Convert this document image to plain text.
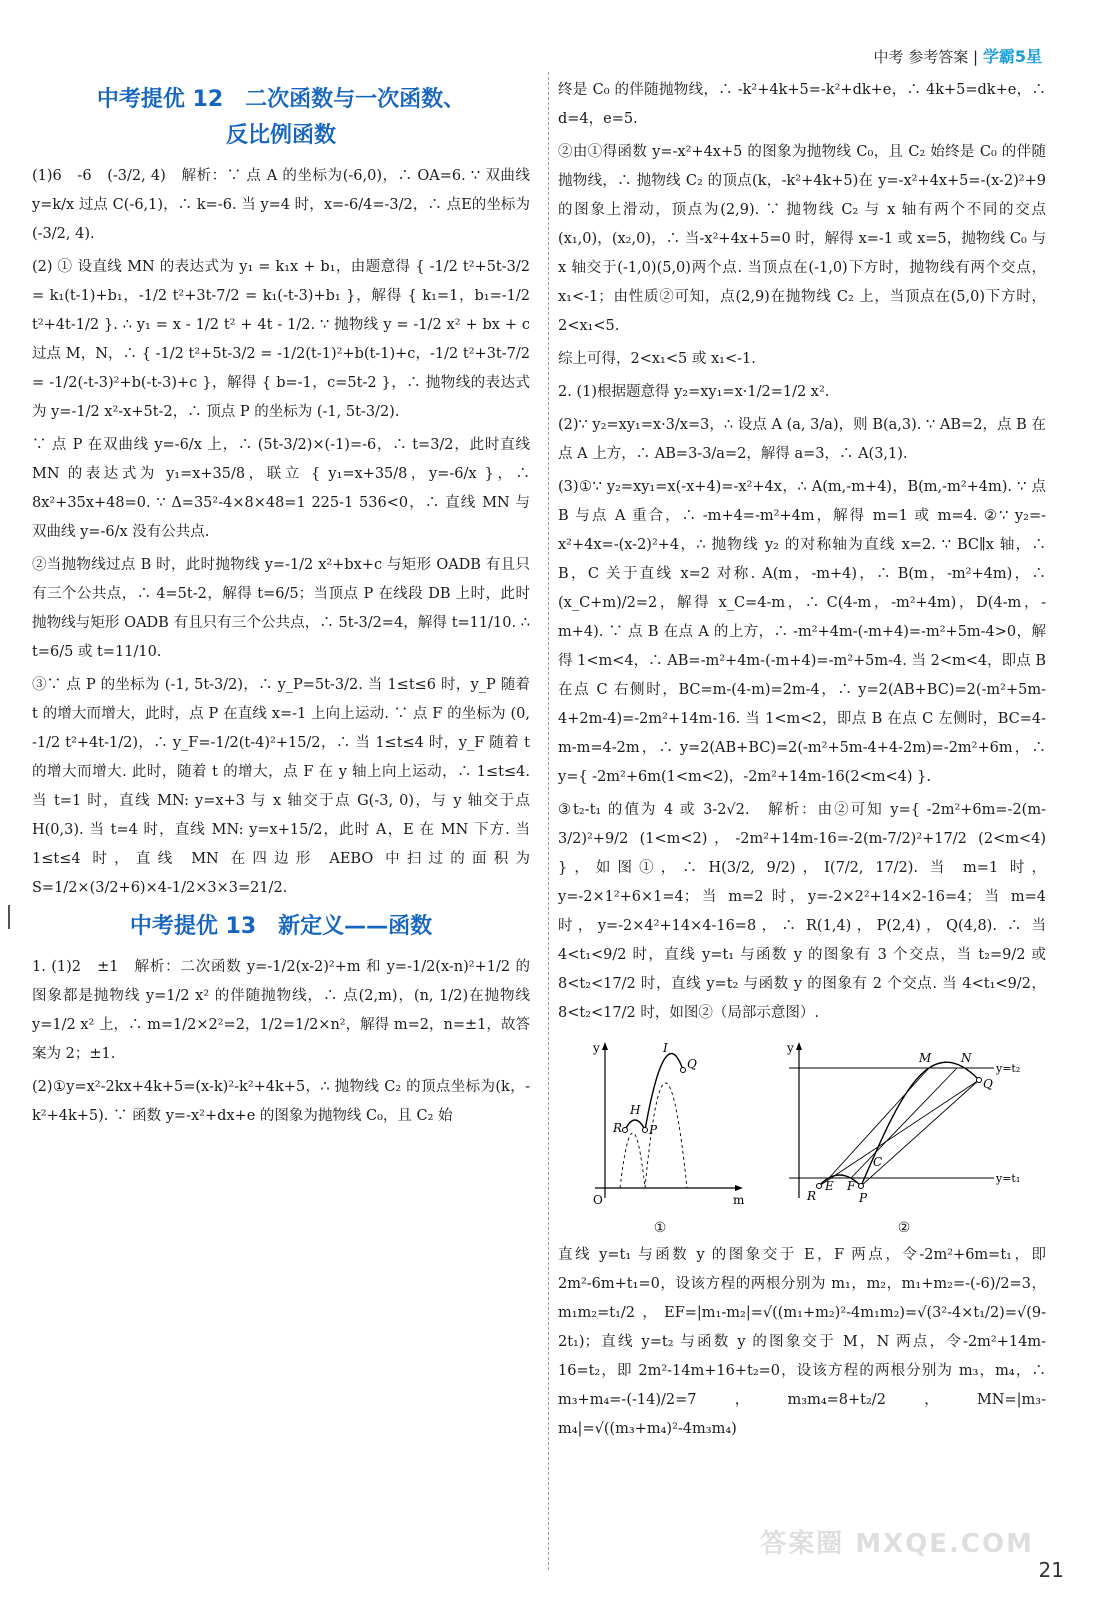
中考 参考答案 | 学霸5星
中考提优 12　二次函数与一次函数、
反比例函数

(1)6　-6　(-3/2, 4)　解析：∵ 点 A 的坐标为(-6,0)，∴ OA=6. ∵ 双曲线 y=k/x 过点 C(-6,1)，∴ k=-6. 当 y=4 时，x=-6/4=-3/2，∴ 点E的坐标为(-3/2, 4).

(2) ① 设直线 MN 的表达式为 y₁ = k₁x + b₁，由题意得 { -1/2 t²+5t-3/2 = k₁(t-1)+b₁，-1/2 t²+3t-7/2 = k₁(-t-3)+b₁ }，解得 { k₁=1，b₁=-1/2 t²+4t-1/2 }. ∴ y₁ = x - 1/2 t² + 4t - 1/2. ∵ 抛物线 y = -1/2 x² + bx + c 过点 M，N，∴ { -1/2 t²+5t-3/2 = -1/2(t-1)²+b(t-1)+c，-1/2 t²+3t-7/2 = -1/2(-t-3)²+b(-t-3)+c }，解得 { b=-1，c=5t-2 }，∴ 抛物线的表达式为 y=-1/2 x²-x+5t-2，∴ 顶点 P 的坐标为 (-1, 5t-3/2).

∵ 点 P 在双曲线 y=-6/x 上，∴ (5t-3/2)×(-1)=-6，∴ t=3/2，此时直线 MN 的表达式为 y₁=x+35/8，联立 { y₁=x+35/8，y=-6/x }，∴ 8x²+35x+48=0. ∵ Δ=35²-4×8×48=1 225-1 536<0，∴ 直线 MN 与双曲线 y=-6/x 没有公共点.

②当抛物线过点 B 时，此时抛物线 y=-1/2 x²+bx+c 与矩形 OADB 有且只有三个公共点，∴ 4=5t-2，解得 t=6/5；当顶点 P 在线段 DB 上时，此时抛物线与矩形 OADB 有且只有三个公共点，∴ 5t-3/2=4，解得 t=11/10. ∴ t=6/5 或 t=11/10.

③∵ 点 P 的坐标为 (-1, 5t-3/2)，∴ y_P=5t-3/2. 当 1≤t≤6 时，y_P 随着 t 的增大而增大，此时，点 P 在直线 x=-1 上向上运动. ∵ 点 F 的坐标为 (0, -1/2 t²+4t-1/2)，∴ y_F=-1/2(t-4)²+15/2，∴ 当 1≤t≤4 时，y_F 随着 t 的增大而增大. 此时，随着 t 的增大，点 F 在 y 轴上向上运动，∴ 1≤t≤4. 当 t=1 时，直线 MN: y=x+3 与 x 轴交于点 G(-3, 0)，与 y 轴交于点 H(0,3). 当 t=4 时，直线 MN: y=x+15/2，此时 A，E 在 MN 下方. 当 1≤t≤4 时，直线 MN 在四边形 AEBO 中扫过的面积为 S=1/2×(3/2+6)×4-1/2×3×3=21/2.

中考提优 13　新定义——函数

1. (1)2　±1　解析：二次函数 y=-1/2(x-2)²+m 和 y=-1/2(x-n)²+1/2 的图象都是抛物线 y=1/2 x² 的伴随抛物线，∴ 点(2,m)，(n, 1/2)在抛物线 y=1/2 x² 上，∴ m=1/2×2²=2，1/2=1/2×n²，解得 m=2，n=±1，故答案为 2；±1.

(2)①y=x²-2kx+4k+5=(x-k)²-k²+4k+5，∴ 抛物线 C₂ 的顶点坐标为(k，-k²+4k+5). ∵ 函数 y=-x²+dx+e 的图象为抛物线 C₀，且 C₂ 始

终是 C₀ 的伴随抛物线，∴ -k²+4k+5=-k²+dk+e，∴ 4k+5=dk+e，∴ d=4，e=5.

②由①得函数 y=-x²+4x+5 的图象为抛物线 C₀，且 C₂ 始终是 C₀ 的伴随抛物线，∴ 抛物线 C₂ 的顶点(k，-k²+4k+5)在 y=-x²+4x+5=-(x-2)²+9 的图象上滑动，顶点为(2,9). ∵ 抛物线 C₂ 与 x 轴有两个不同的交点(x₁,0)，(x₂,0)，∴ 当-x²+4x+5=0 时，解得 x=-1 或 x=5，抛物线 C₀ 与 x 轴交于(-1,0)(5,0)两个点. 当顶点在(-1,0)下方时，抛物线有两个交点，x₁<-1；由性质②可知，点(2,9)在抛物线 C₂ 上，当顶点在(5,0)下方时，2<x₁<5.

综上可得，2<x₁<5 或 x₁<-1.

2. (1)根据题意得 y₂=xy₁=x·1/2=1/2 x².

(2)∵ y₂=xy₁=x·3/x=3，∴ 设点 A (a, 3/a)，则 B(a,3). ∵ AB=2，点 B 在点 A 上方，∴ AB=3-3/a=2，解得 a=3，∴ A(3,1).

(3)①∵ y₂=xy₁=x(-x+4)=-x²+4x，∴ A(m,-m+4)，B(m,-m²+4m). ∵ 点 B 与点 A 重合，∴ -m+4=-m²+4m，解得 m=1 或 m=4. ②∵ y₂=-x²+4x=-(x-2)²+4，∴ 抛物线 y₂ 的对称轴为直线 x=2. ∵ BC∥x 轴，∴ B，C 关于直线 x=2 对称. A(m，-m+4)，∴ B(m，-m²+4m)，∴ (x_C+m)/2=2，解得 x_C=4-m，∴ C(4-m，-m²+4m)，D(4-m，-m+4). ∵ 点 B 在点 A 的上方，∴ -m²+4m-(-m+4)=-m²+5m-4>0，解得 1<m<4，∴ AB=-m²+4m-(-m+4)=-m²+5m-4. 当 2<m<4，即点 B 在点 C 右侧时，BC=m-(4-m)=2m-4，∴ y=2(AB+BC)=2(-m²+5m-4+2m-4)=-2m²+14m-16. 当 1<m<2，即点 B 在点 C 左侧时，BC=4-m-m=4-2m，∴ y=2(AB+BC)=2(-m²+5m-4+4-2m)=-2m²+6m，∴ y={ -2m²+6m(1<m<2)，-2m²+14m-16(2<m<4) }.

③t₂-t₁ 的值为 4 或 3-2√2.　解析：由②可知 y={ -2m²+6m=-2(m-3/2)²+9/2 (1<m<2)，-2m²+14m-16=-2(m-7/2)²+17/2 (2<m<4) }，如图①，∴ H(3/2, 9/2)，I(7/2, 17/2). 当 m=1 时，y=-2×1²+6×1=4；当 m=2 时，y=-2×2²+14×2-16=4；当 m=4 时，y=-2×4²+14×4-16=8，∴ R(1,4)，P(2,4)，Q(4,8). ∴ 当 4<t₁<9/2 时，直线 y=t₁ 与函数 y 的图象有 3 个交点，当 t₂=9/2 或 8<t₂<17/2 时，直线 y=t₂ 与函数 y 的图象有 2 个交点. 当 4<t₁<9/2，8<t₂<17/2 时，如图②（局部示意图）.

y
m
O
I
Q
H
R P
①
y
y=t₂
y=t₁
M N
Q
C
E F
R	P
②

直线 y=t₁ 与函数 y 的图象交于 E，F 两点，令-2m²+6m=t₁，即 2m²-6m+t₁=0，设该方程的两根分别为 m₁，m₂，m₁+m₂=-(-6)/2=3，m₁m₂=t₁/2，EF=|m₁-m₂|=√((m₁+m₂)²-4m₁m₂)=√(3²-4×t₁/2)=√(9-2t₁)；直线 y=t₂ 与函数 y 的图象交于 M，N 两点，令-2m²+14m-16=t₂，即 2m²-14m+16+t₂=0，设该方程的两根分别为 m₃，m₄，∴ m₃+m₄=-(-14)/2=7，m₃m₄=8+t₂/2，MN=|m₃-m₄|=√((m₃+m₄)²-4m₃m₄)

答案圈 MXQE.COM
21
